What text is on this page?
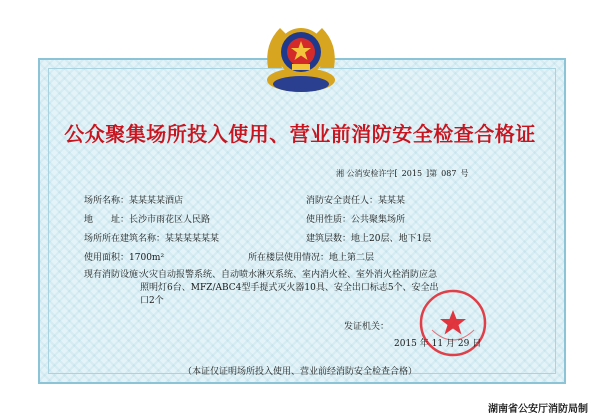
公众聚集场所投入使用、营业前消防安全检查合格证
湘 公消安检许字[ 2015 ]第 087 号
场所名称：某某某某酒店	消防安全责任人：某某某
地　　址：长沙市雨花区人民路	使用性质：公共聚集场所
场所所在建筑名称：某某某某某某	建筑层数：地上20层、地下1层
使用面积：1700m²	所在楼层使用情况：地上第二层
现有消防设施：
火灾自动报警系统、自动喷水淋灭系统、室内消火栓、室外消火栓消防应急照明灯6台、MFZ/ABC4型手提式灭火器10具、安全出口标志5个、安全出口2个
发证机关：
2015 年 11 月 29 日
（本证仅证明场所投入使用、营业前经消防安全检查合格）
湖南省公安厅消防局制
